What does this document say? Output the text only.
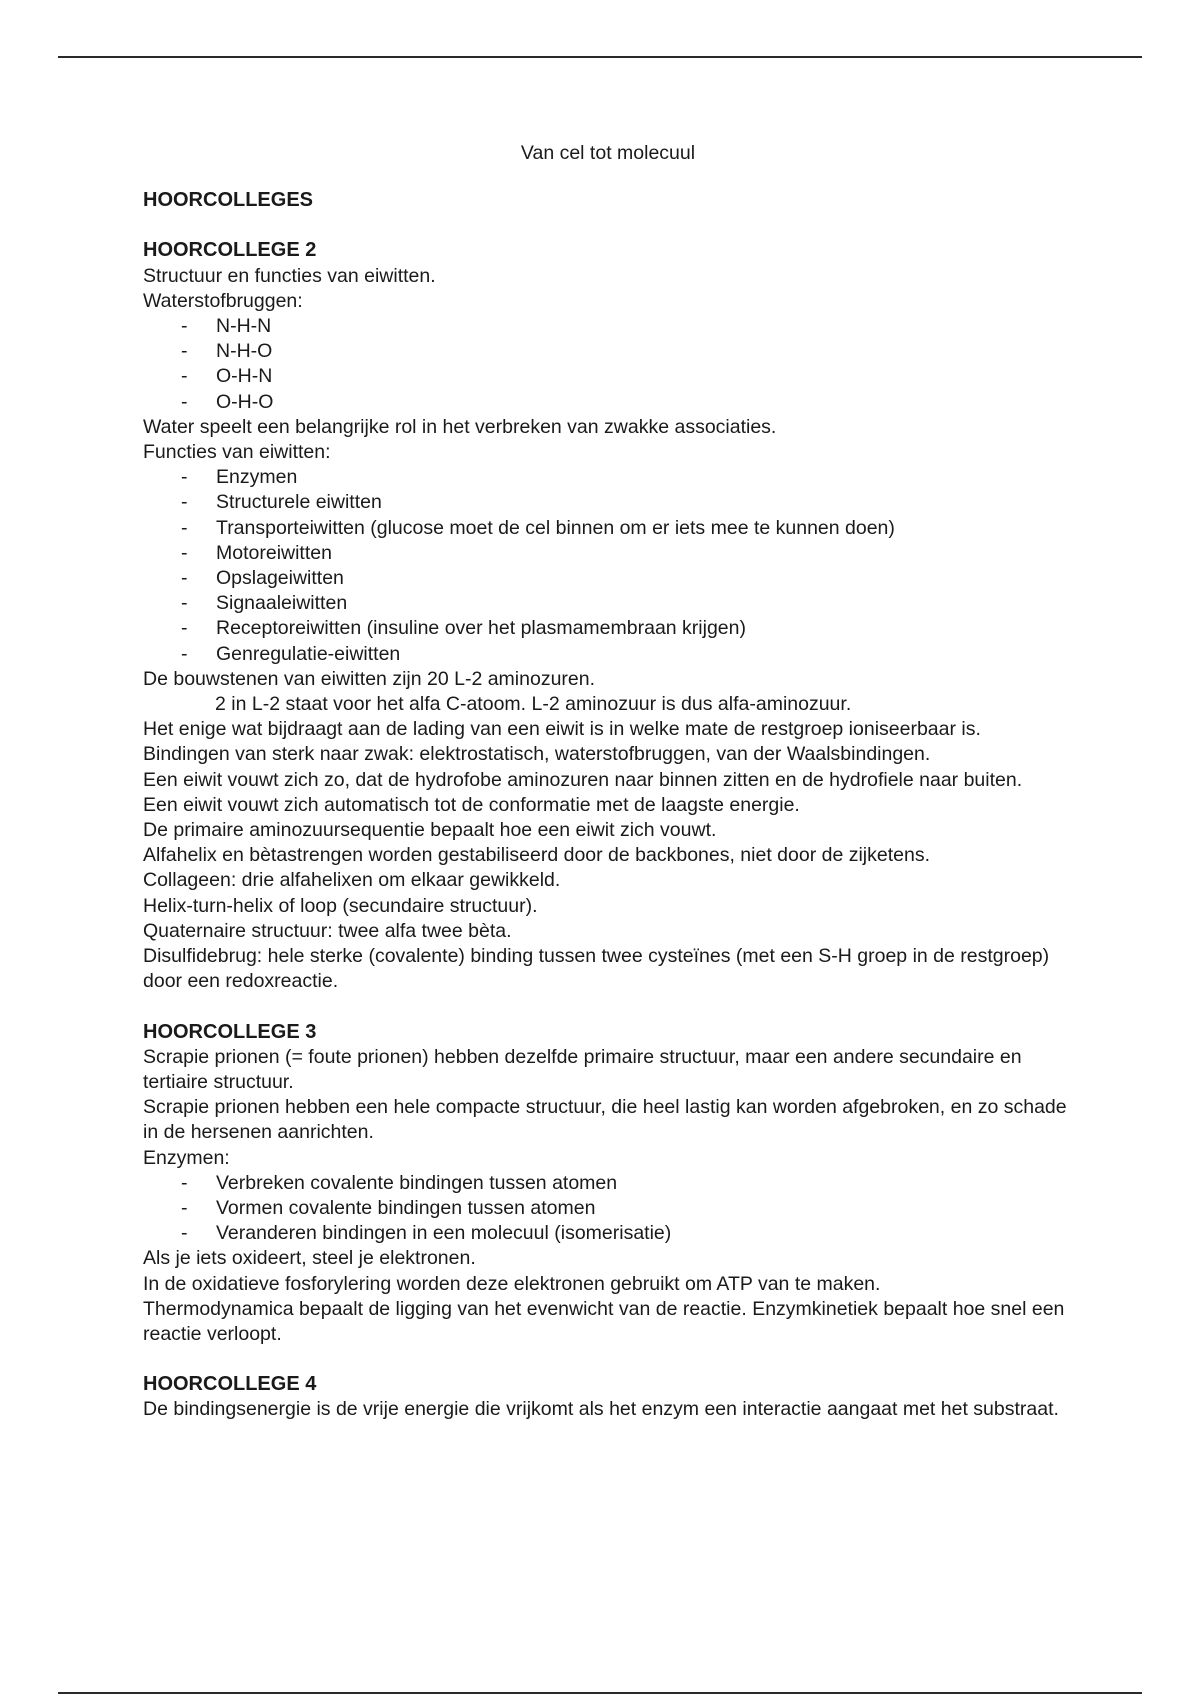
Van cel tot molecuul

HOORCOLLEGES

HOORCOLLEGE 2

Structuur en functies van eiwitten.

Waterstofbruggen:

- N-H-N
- N-H-O
- O-H-N
- O-H-O

Water speelt een belangrijke rol in het verbreken van zwakke associaties.

Functies van eiwitten:

- Enzymen
- Structurele eiwitten
- Transporteiwitten (glucose moet de cel binnen om er iets mee te kunnen doen)
- Motoreiwitten
- Opslageiwitten
- Signaaleiwitten
- Receptoreiwitten (insuline over het plasmamembraan krijgen)
- Genregulatie-eiwitten

De bouwstenen van eiwitten zijn 20 L-2 aminozuren.

2 in L-2 staat voor het alfa C-atoom. L-2 aminozuur is dus alfa-aminozuur.

Het enige wat bijdraagt aan de lading van een eiwit is in welke mate de restgroep ioniseerbaar is.

Bindingen van sterk naar zwak: elektrostatisch, waterstofbruggen, van der Waalsbindingen.

Een eiwit vouwt zich zo, dat de hydrofobe aminozuren naar binnen zitten en de hydrofiele naar buiten.

Een eiwit vouwt zich automatisch tot de conformatie met de laagste energie.

De primaire aminozuursequentie bepaalt hoe een eiwit zich vouwt.

Alfahelix en bètastrengen worden gestabiliseerd door de backbones, niet door de zijketens.

Collageen: drie alfahelixen om elkaar gewikkeld.

Helix-turn-helix of loop (secundaire structuur).

Quaternaire structuur: twee alfa twee bèta.

Disulfidebrug: hele sterke (covalente) binding tussen twee cysteïnes (met een S-H groep in de restgroep) door een redoxreactie.

HOORCOLLEGE 3

Scrapie prionen (= foute prionen) hebben dezelfde primaire structuur, maar een andere secundaire en tertiaire structuur.

Scrapie prionen hebben een hele compacte structuur, die heel lastig kan worden afgebroken, en zo schade in de hersenen aanrichten.

Enzymen:

- Verbreken covalente bindingen tussen atomen
- Vormen covalente bindingen tussen atomen
- Veranderen bindingen in een molecuul (isomerisatie)

Als je iets oxideert, steel je elektronen.

In de oxidatieve fosforylering worden deze elektronen gebruikt om ATP van te maken.

Thermodynamica bepaalt de ligging van het evenwicht van de reactie. Enzymkinetiek bepaalt hoe snel een reactie verloopt.

HOORCOLLEGE 4

De bindingsenergie is de vrije energie die vrijkomt als het enzym een interactie aangaat met het substraat.
